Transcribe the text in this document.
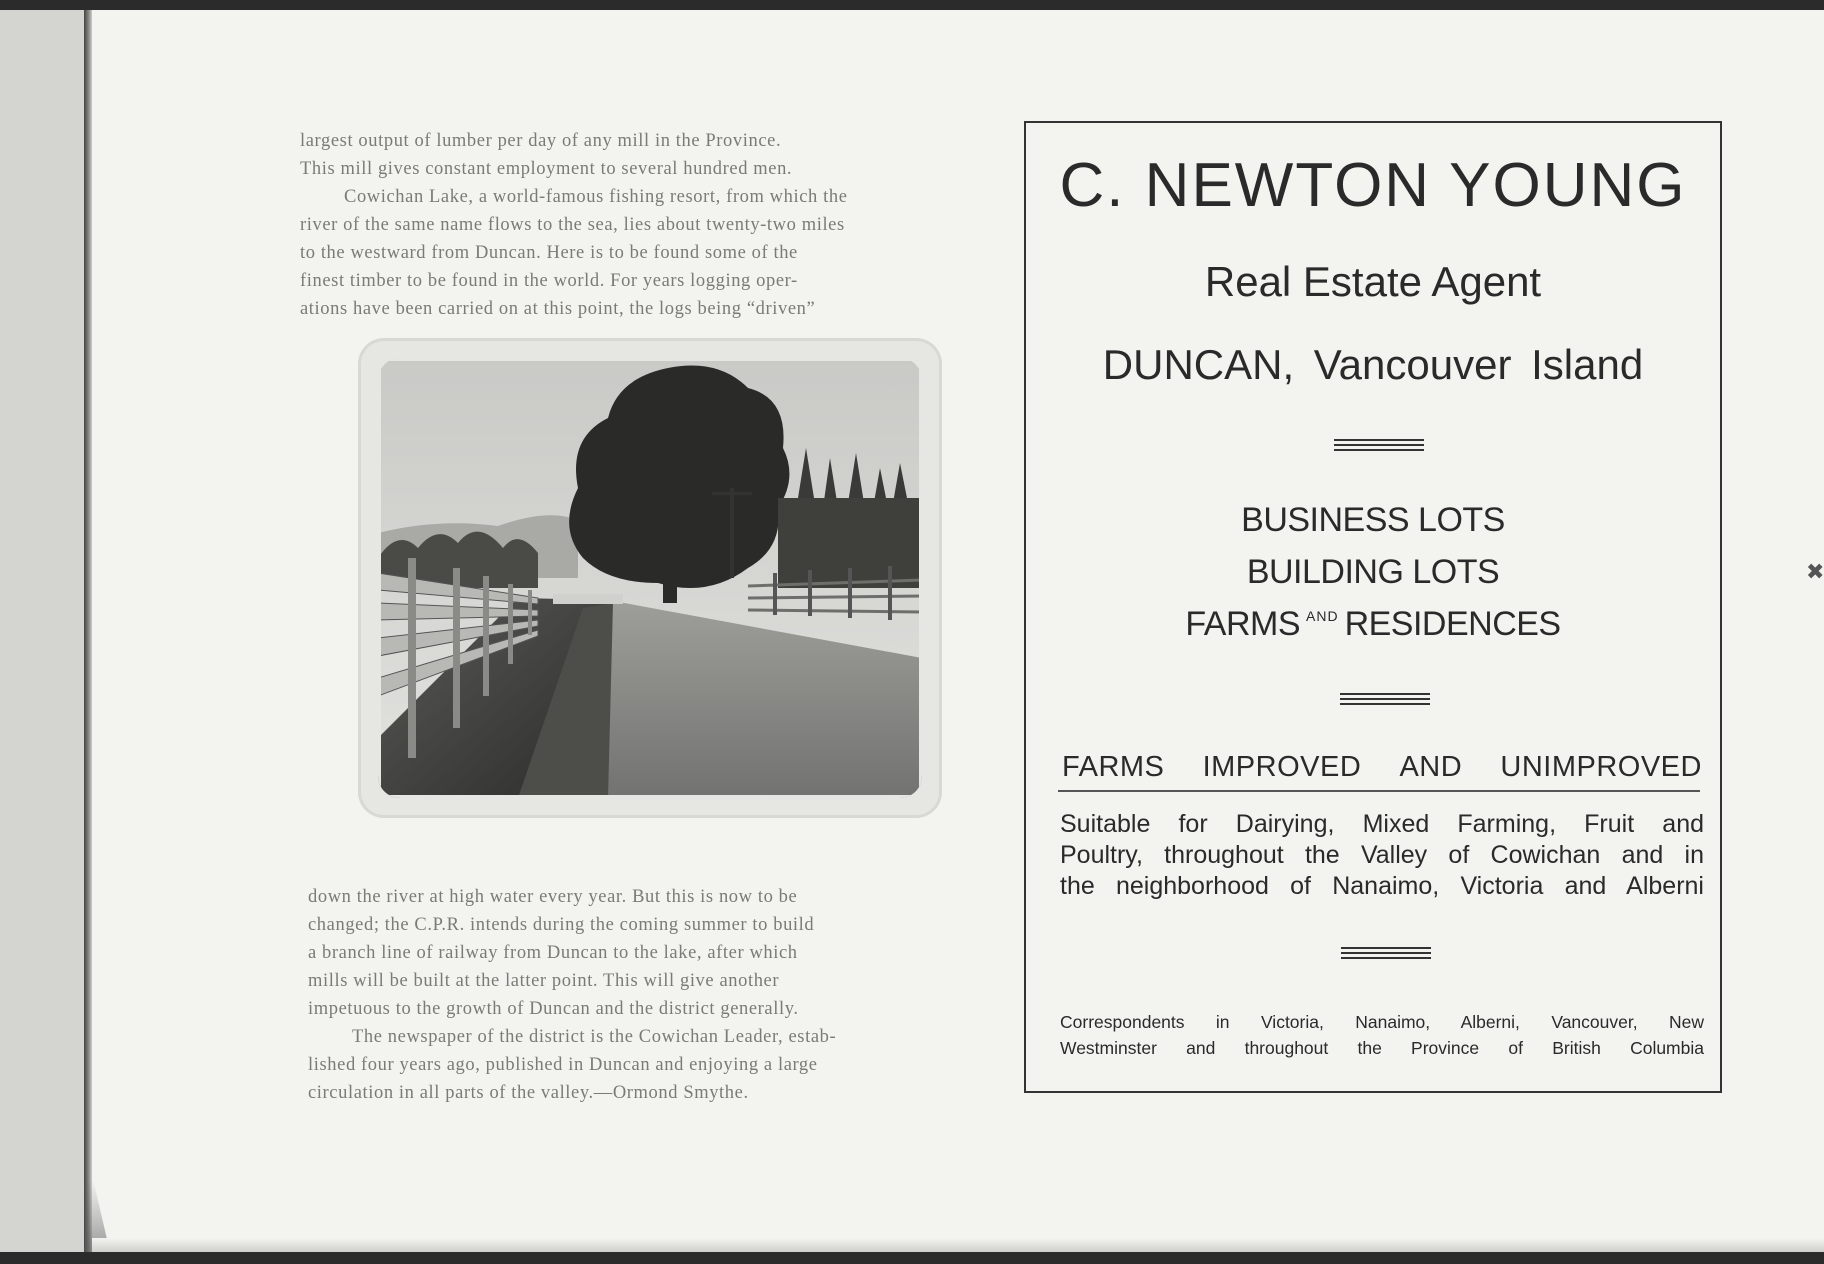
✖

largest output of lumber per day of any mill in the Province.

This mill gives constant employment to several hundred men.

Cowichan Lake, a world-famous fishing resort, from which the

river of the same name flows to the sea, lies about twenty-two miles

to the westward from Duncan. Here is to be found some of the

finest timber to be found in the world. For years logging oper-

ations have been carried on at this point, the logs being “driven”

down the river at high water every year. But this is now to be

changed; the C.P.R. intends during the coming summer to build

a branch line of railway from Duncan to the lake, after which

mills will be built at the latter point. This will give another

impetuous to the growth of Duncan and the district generally.

The newspaper of the district is the Cowichan Leader, estab-

lished four years ago, published in Duncan and enjoying a large

circulation in all parts of the valley.—Ormond Smythe.

C. NEWTON YOUNG
Real Estate Agent
DUNCAN, Vancouver Island
BUSINESS LOTS
BUILDING LOTS
FARMS $^{AND}$ RESIDENCES
FARMS IMPROVED AND UNIMPROVED
Suitable for Dairying, Mixed Farming, Fruit and
Poultry, throughout the Valley of Cowichan and in
the neighborhood of Nanaimo, Victoria and Alberni
Correspondents in Victoria, Nanaimo, Alberni, Vancouver, New
Westminster and throughout the Province of British Columbia
